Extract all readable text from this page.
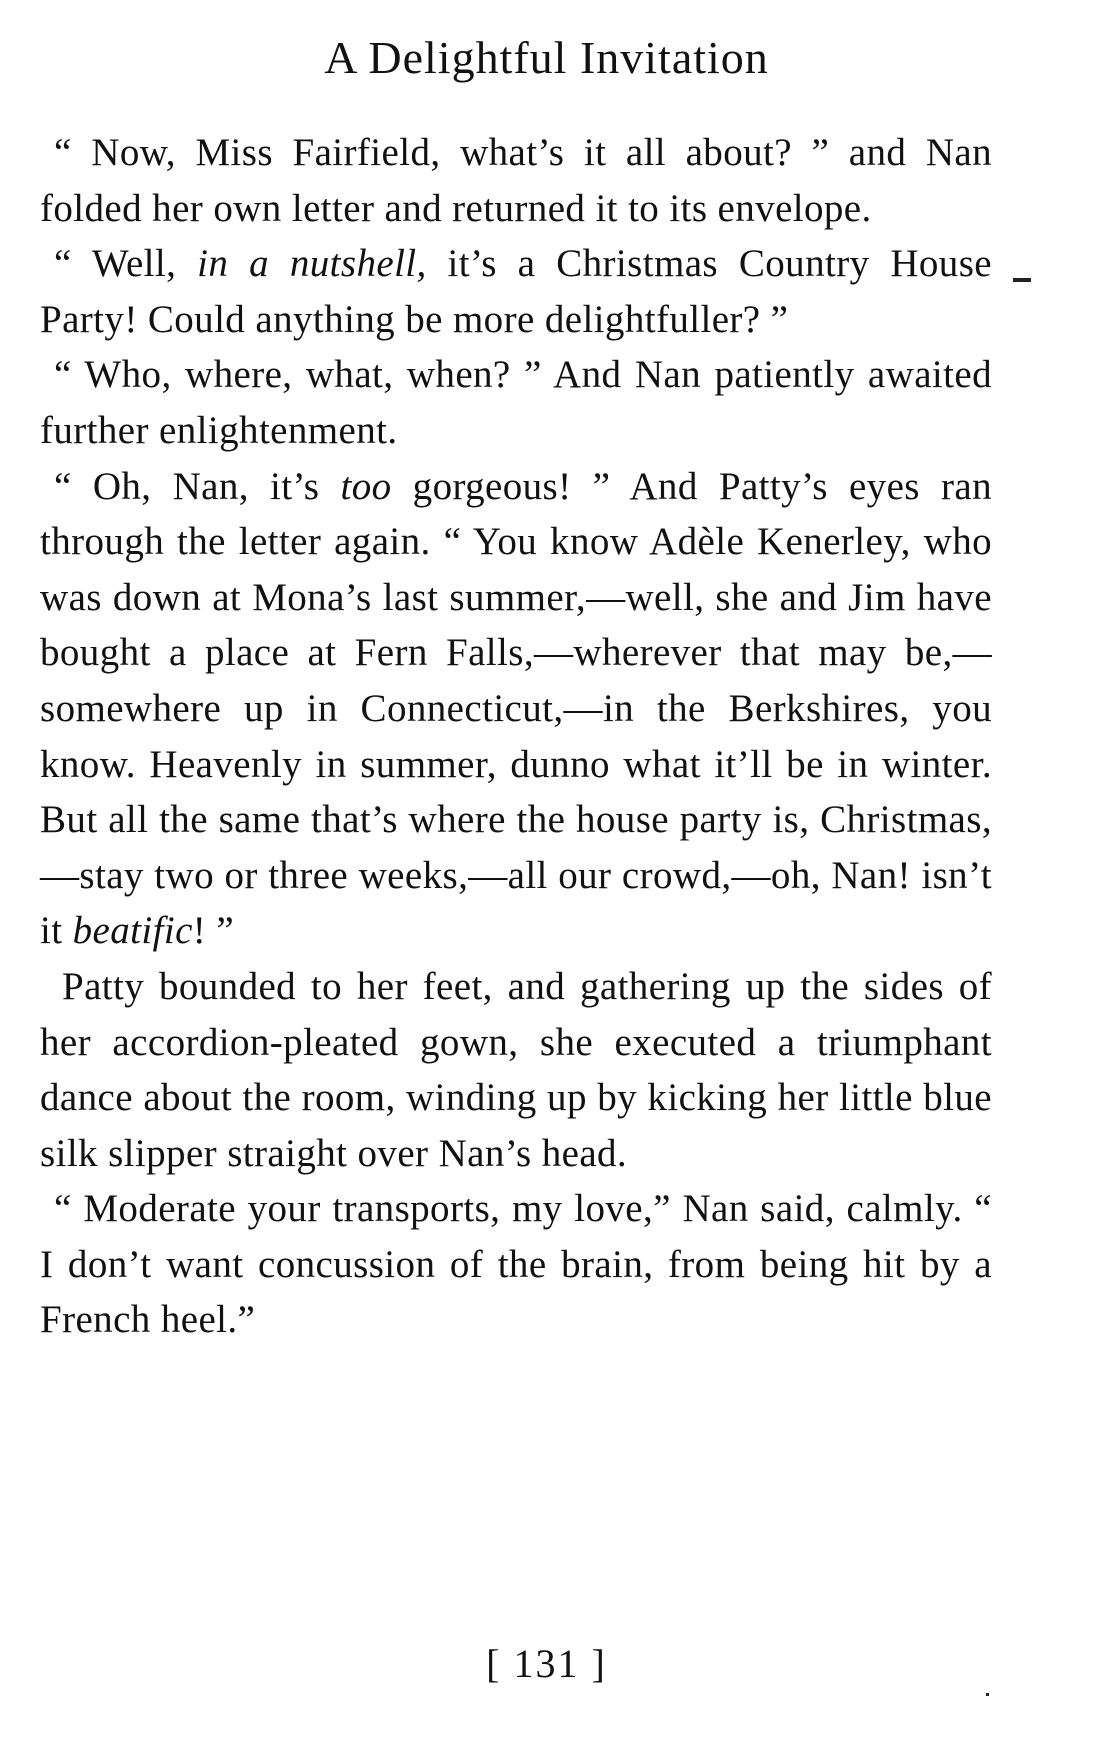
A Delightful Invitation

“ Now, Miss Fairfield, what’s it all about? ” and Nan folded her own letter and returned it to its envelope.

“ Well, in a nutshell, it’s a Christmas Country House Party! Could anything be more delightfuller? ”

“ Who, where, what, when? ” And Nan patiently awaited further enlightenment.

“ Oh, Nan, it’s too gorgeous! ” And Patty’s eyes ran through the letter again. “ You know Adèle Kenerley, who was down at Mona’s last summer,—well, she and Jim have bought a place at Fern Falls,—wherever that may be,—somewhere up in Connecticut,—in the Berkshires, you know. Heavenly in summer, dunno what it’ll be in winter. But all the same that’s where the house party is, Christmas,—stay two or three weeks,—all our crowd,—oh, Nan! isn’t it beatific! ”

Patty bounded to her feet, and gathering up the sides of her accordion-pleated gown, she executed a triumphant dance about the room, winding up by kicking her little blue silk slipper straight over Nan’s head.

“ Moderate your transports, my love,” Nan said, calmly. “ I don’t want concussion of the brain, from being hit by a French heel.”

[ 131 ]
